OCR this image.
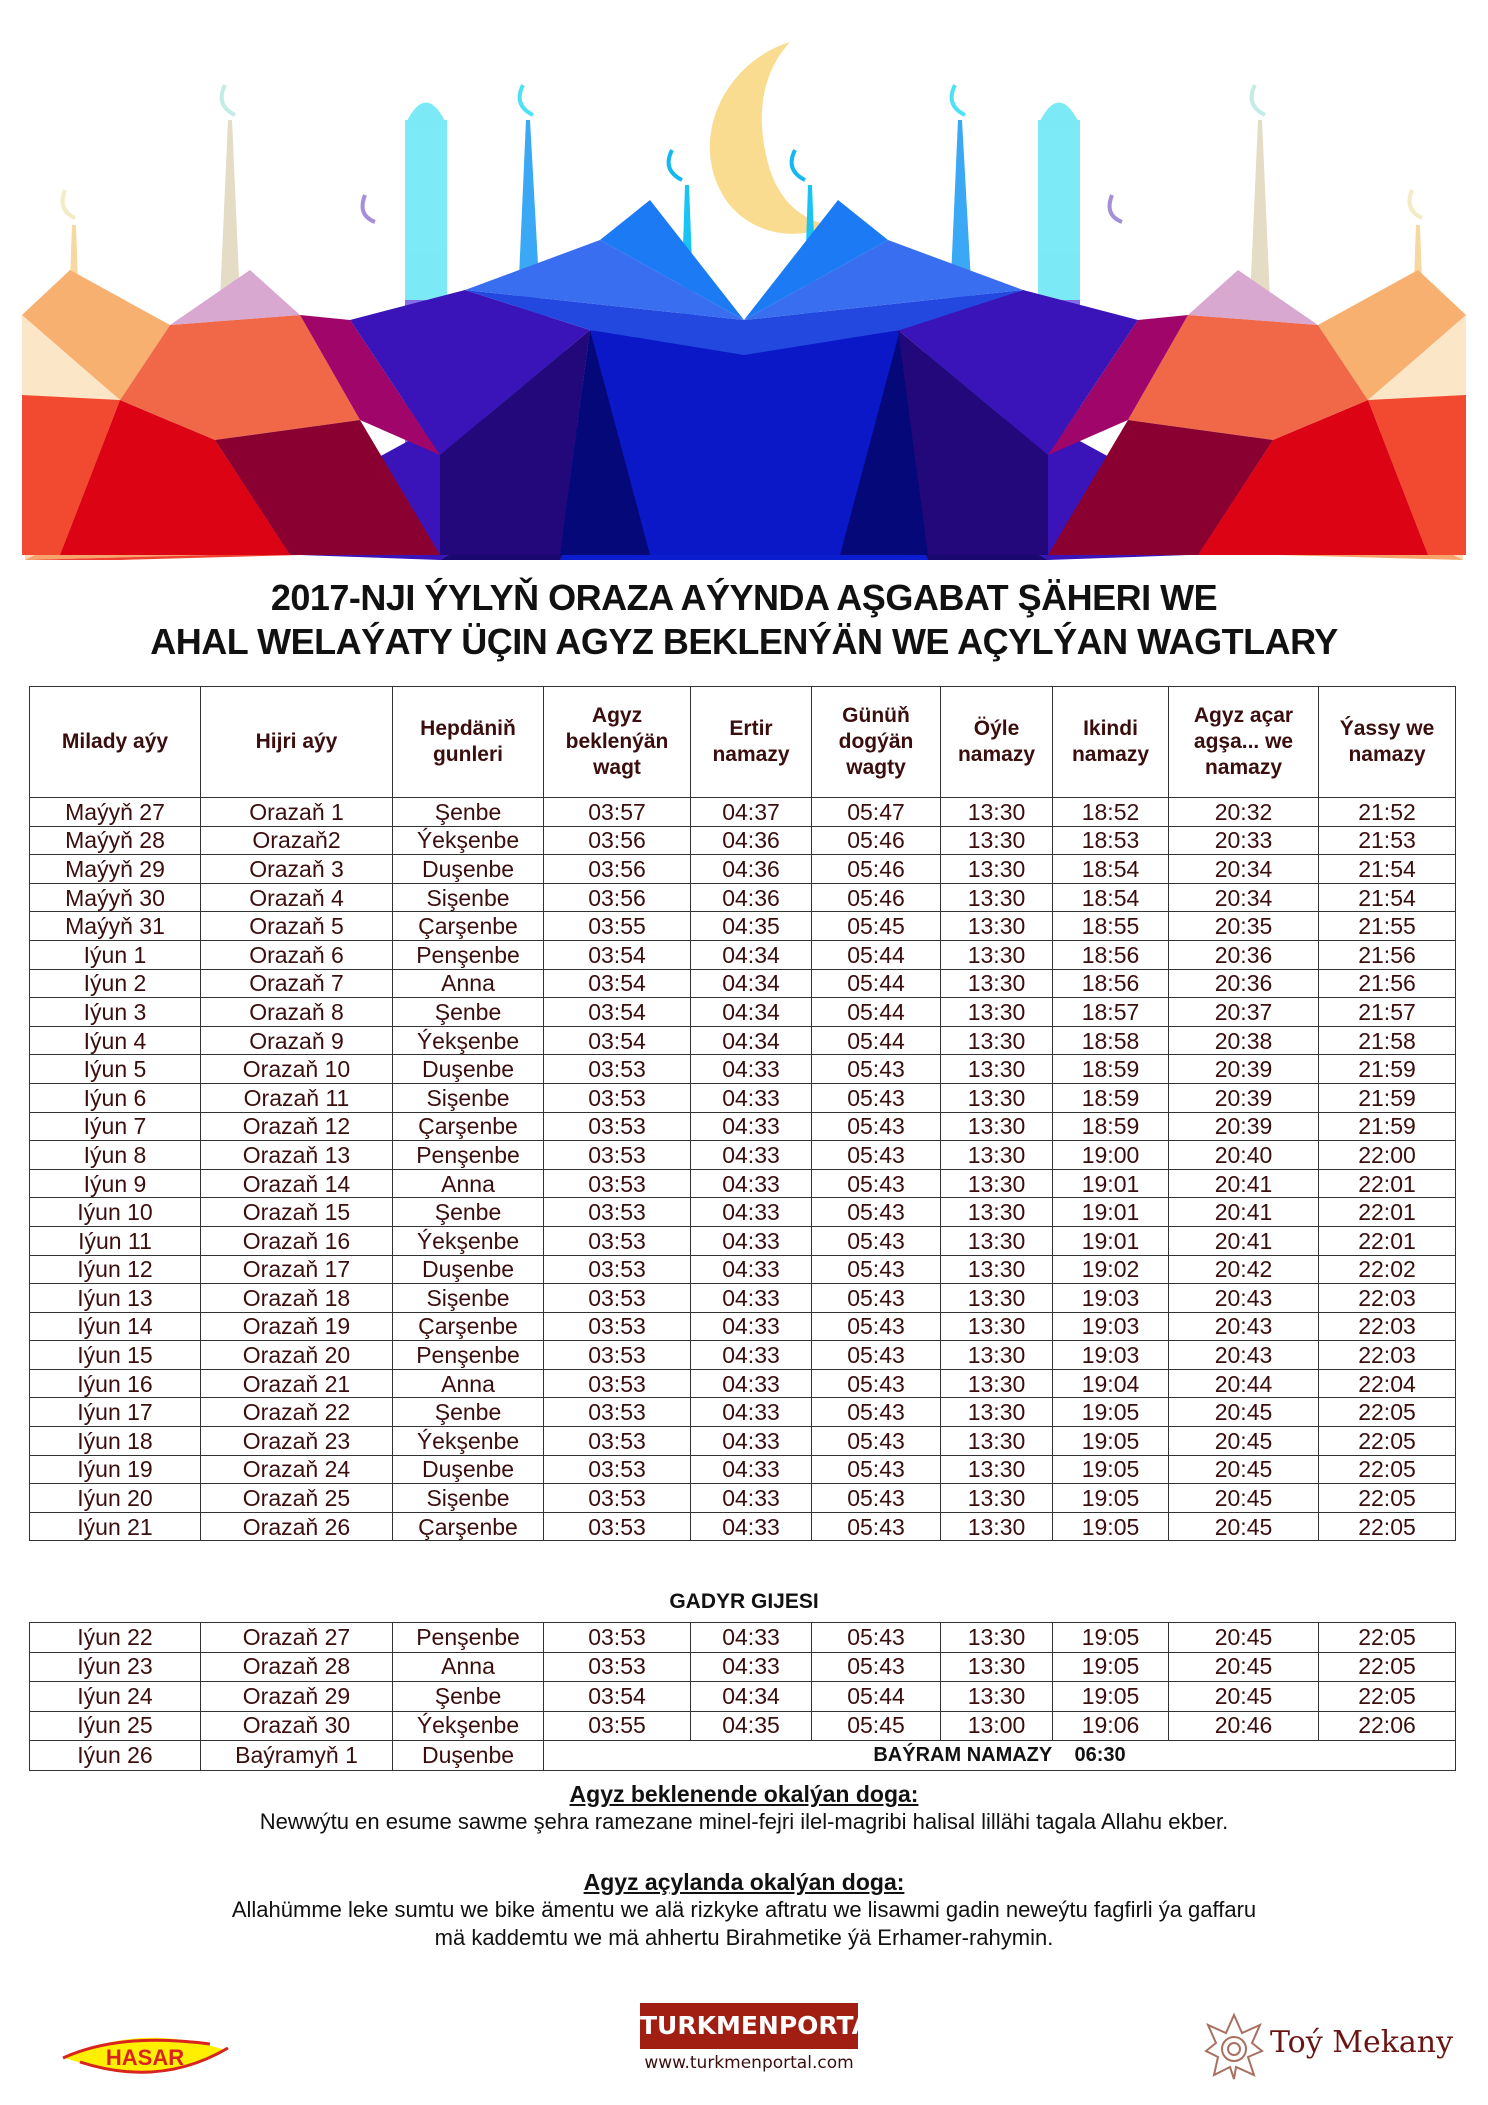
2017-NJI ÝYLYŇ ORAZA AÝYNDA AŞGABAT ŞÄHERI WE
AHAL WELAÝATY ÜÇIN AGYZ BEKLENÝÄN WE AÇYLÝAN WAGTLARY
Milady aýy	Hijri aýy	Hepdäniň gunleri	Agyz beklenýän wagt	Ertir namazy	Günüň dogýän wagty	Öýle namazy	Ikindi namazy	Agyz açar agşa... we namazy	Ýassy we namazy
Maýyň 27	Orazaň 1	Şenbe	03:57	04:37	05:47	13:30	18:52	20:32	21:52
Maýyň 28	Orazaň2	Ýekşenbe	03:56	04:36	05:46	13:30	18:53	20:33	21:53
Maýyň 29	Orazaň 3	Duşenbe	03:56	04:36	05:46	13:30	18:54	20:34	21:54
Maýyň 30	Orazaň 4	Sişenbe	03:56	04:36	05:46	13:30	18:54	20:34	21:54
Maýyň 31	Orazaň 5	Çarşenbe	03:55	04:35	05:45	13:30	18:55	20:35	21:55
Iýun 1	Orazaň 6	Penşenbe	03:54	04:34	05:44	13:30	18:56	20:36	21:56
Iýun 2	Orazaň 7	Anna	03:54	04:34	05:44	13:30	18:56	20:36	21:56
Iýun 3	Orazaň 8	Şenbe	03:54	04:34	05:44	13:30	18:57	20:37	21:57
Iýun 4	Orazaň 9	Ýekşenbe	03:54	04:34	05:44	13:30	18:58	20:38	21:58
Iýun 5	Orazaň 10	Duşenbe	03:53	04:33	05:43	13:30	18:59	20:39	21:59
Iýun 6	Orazaň 11	Sişenbe	03:53	04:33	05:43	13:30	18:59	20:39	21:59
Iýun 7	Orazaň 12	Çarşenbe	03:53	04:33	05:43	13:30	18:59	20:39	21:59
Iýun 8	Orazaň 13	Penşenbe	03:53	04:33	05:43	13:30	19:00	20:40	22:00
Iýun 9	Orazaň 14	Anna	03:53	04:33	05:43	13:30	19:01	20:41	22:01
Iýun 10	Orazaň 15	Şenbe	03:53	04:33	05:43	13:30	19:01	20:41	22:01
Iýun 11	Orazaň 16	Ýekşenbe	03:53	04:33	05:43	13:30	19:01	20:41	22:01
Iýun 12	Orazaň 17	Duşenbe	03:53	04:33	05:43	13:30	19:02	20:42	22:02
Iýun 13	Orazaň 18	Sişenbe	03:53	04:33	05:43	13:30	19:03	20:43	22:03
Iýun 14	Orazaň 19	Çarşenbe	03:53	04:33	05:43	13:30	19:03	20:43	22:03
Iýun 15	Orazaň 20	Penşenbe	03:53	04:33	05:43	13:30	19:03	20:43	22:03
Iýun 16	Orazaň 21	Anna	03:53	04:33	05:43	13:30	19:04	20:44	22:04
Iýun 17	Orazaň 22	Şenbe	03:53	04:33	05:43	13:30	19:05	20:45	22:05
Iýun 18	Orazaň 23	Ýekşenbe	03:53	04:33	05:43	13:30	19:05	20:45	22:05
Iýun 19	Orazaň 24	Duşenbe	03:53	04:33	05:43	13:30	19:05	20:45	22:05
Iýun 20	Orazaň 25	Sişenbe	03:53	04:33	05:43	13:30	19:05	20:45	22:05
Iýun 21	Orazaň 26	Çarşenbe	03:53	04:33	05:43	13:30	19:05	20:45	22:05
GADYR GIJESI
Iýun 22	Orazaň 27	Penşenbe	03:53	04:33	05:43	13:30	19:05	20:45	22:05
Iýun 23	Orazaň 28	Anna	03:53	04:33	05:43	13:30	19:05	20:45	22:05
Iýun 24	Orazaň 29	Şenbe	03:54	04:34	05:44	13:30	19:05	20:45	22:05
Iýun 25	Orazaň 30	Ýekşenbe	03:55	04:35	05:45	13:00	19:06	20:46	22:06
Iýun 26	Baýramyň 1	Duşenbe	BAÝRAM NAMAZY 06:30						
Agyz beklenende okalýan doga:
Newwýtu en esume sawme şehra ramezane minel-fejri ilel-magribi halisal lillähi tagala Allahu ekber.
Agyz açylanda okalýan doga:
Allahümme leke sumtu we bike ämentu we alä rizkyke aftratu we lisawmi gadin neweýtu fagfirli ýa gaffaru
mä kaddemtu we mä ahhertu Birahmetike ýä Erhamer-rahymin.
HASAR
TURKMENPORTAL
www.turkmenportal.com
Toý Mekany
